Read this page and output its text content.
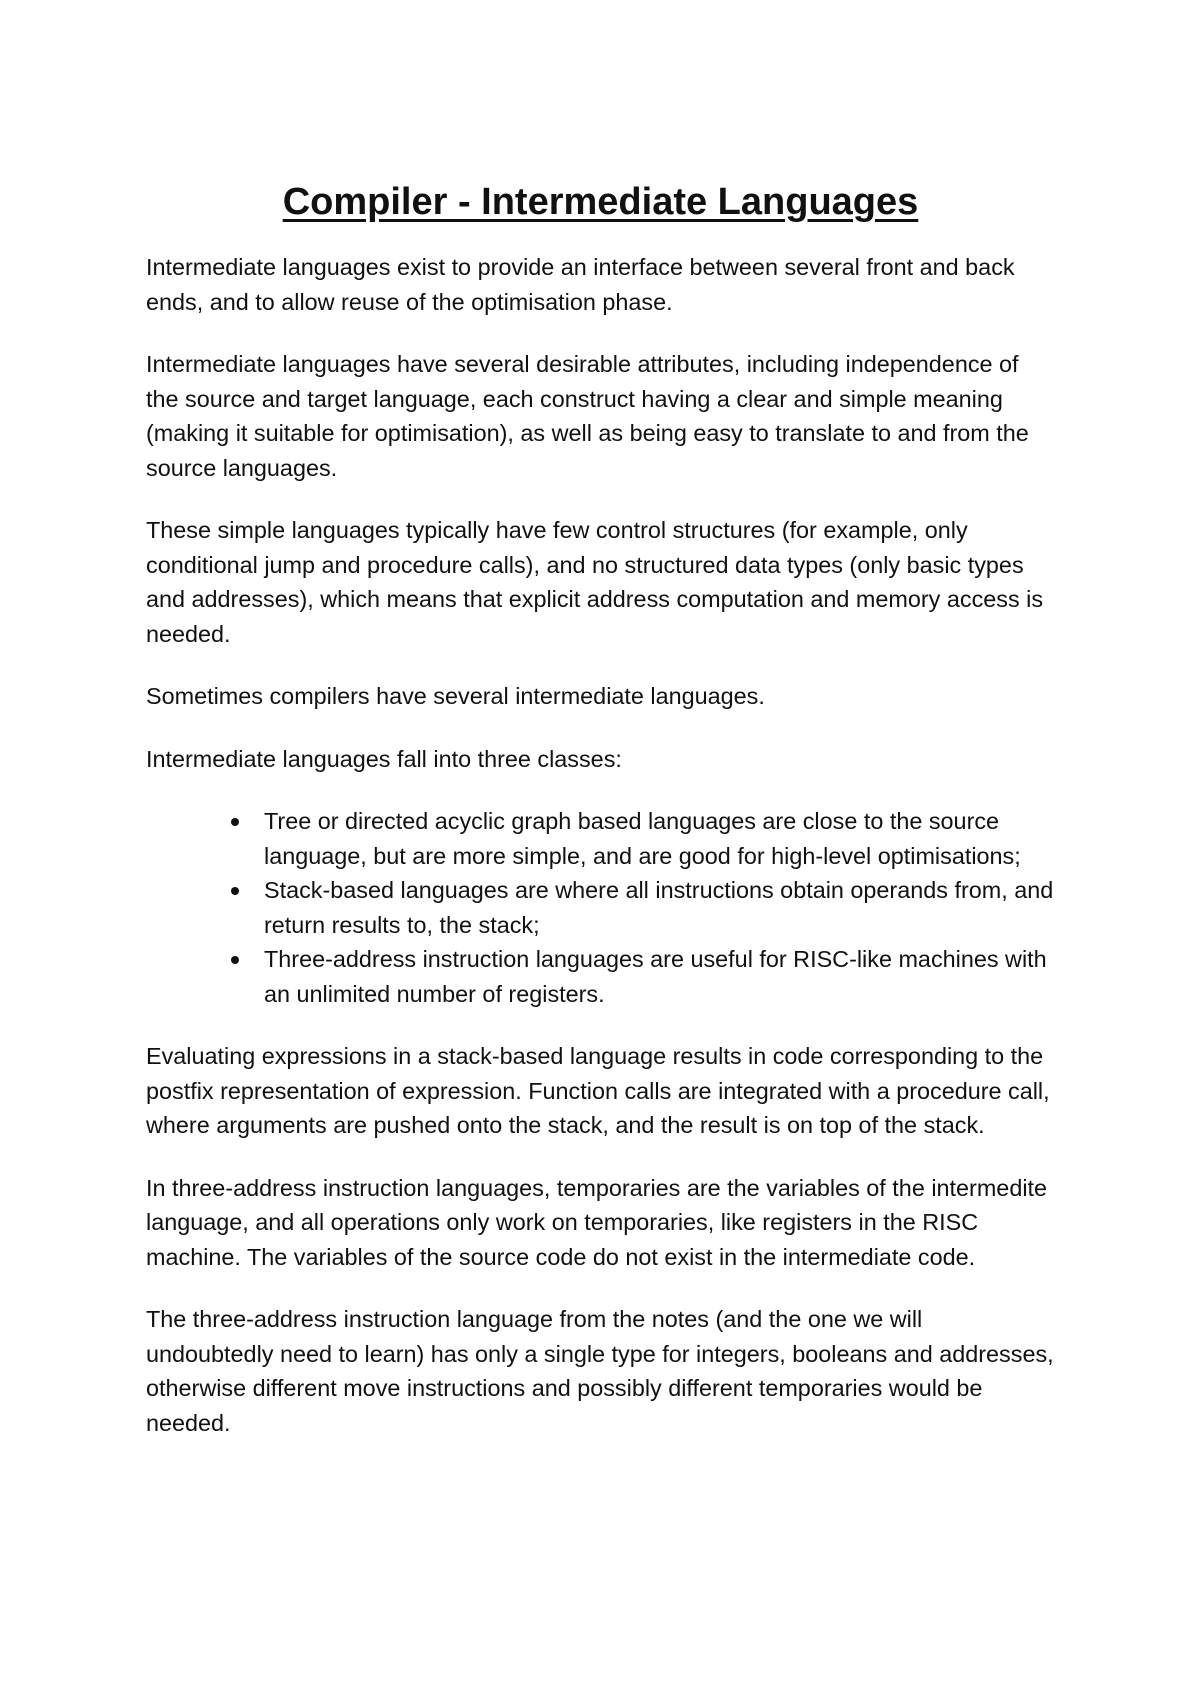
Compiler - Intermediate Languages

Intermediate languages exist to provide an interface between several front and back ends, and to allow reuse of the optimisation phase.

Intermediate languages have several desirable attributes, including independence of the source and target language, each construct having a clear and simple meaning (making it suitable for optimisation), as well as being easy to translate to and from the source languages.

These simple languages typically have few control structures (for example, only conditional jump and procedure calls), and no structured data types (only basic types and addresses), which means that explicit address computation and memory access is needed.

Sometimes compilers have several intermediate languages.

Intermediate languages fall into three classes:

Tree or directed acyclic graph based languages are close to the source language, but are more simple, and are good for high-level optimisations;
Stack-based languages are where all instructions obtain operands from, and return results to, the stack;
Three-address instruction languages are useful for RISC-like machines with an unlimited number of registers.

Evaluating expressions in a stack-based language results in code corresponding to the postfix representation of expression. Function calls are integrated with a procedure call, where arguments are pushed onto the stack, and the result is on top of the stack.

In three-address instruction languages, temporaries are the variables of the intermedite language, and all operations only work on temporaries, like registers in the RISC machine. The variables of the source code do not exist in the intermediate code.

The three-address instruction language from the notes (and the one we will undoubtedly need to learn) has only a single type for integers, booleans and addresses, otherwise different move instructions and possibly different temporaries would be needed.
